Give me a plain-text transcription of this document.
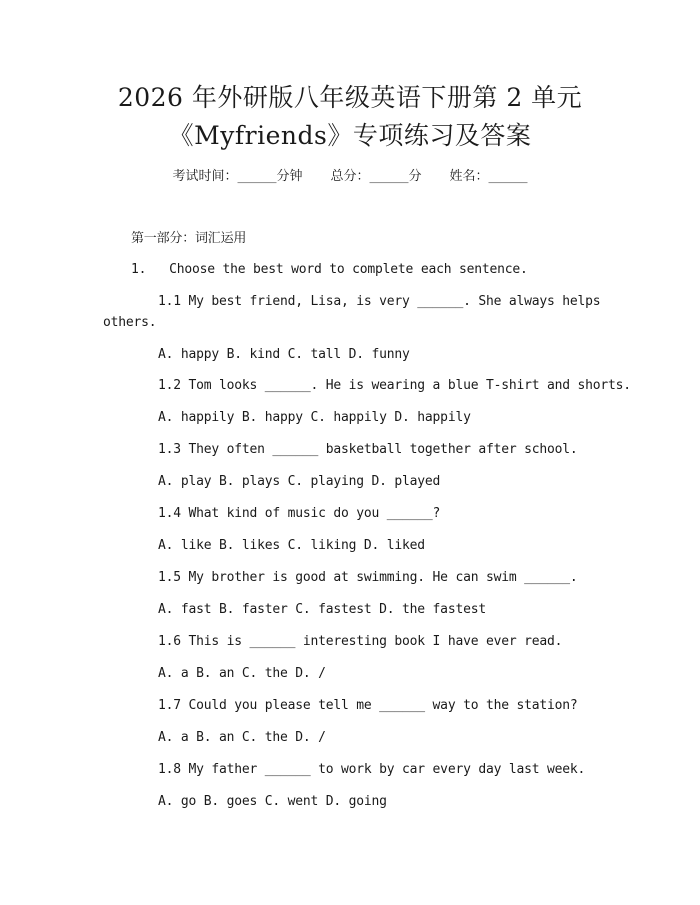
2026 年外研版八年级英语下册第 2 单元
《Myfriends》专项练习及答案
考试时间：______分钟 总分：______分 姓名：______
第一部分：词汇运用
1.   Choose the best word to complete each sentence.
1.1 My best friend, Lisa, is very ______. She always helps
others.
A. happy B. kind C. tall D. funny
1.2 Tom looks ______. He is wearing a blue T-shirt and shorts.
A. happily B. happy C. happily D. happily
1.3 They often ______ basketball together after school.
A. play B. plays C. playing D. played
1.4 What kind of music do you ______?
A. like B. likes C. liking D. liked
1.5 My brother is good at swimming. He can swim ______.
A. fast B. faster C. fastest D. the fastest
1.6 This is ______ interesting book I have ever read.
A. a B. an C. the D. /
1.7 Could you please tell me ______ way to the station?
A. a B. an C. the D. /
1.8 My father ______ to work by car every day last week.
A. go B. goes C. went D. going
